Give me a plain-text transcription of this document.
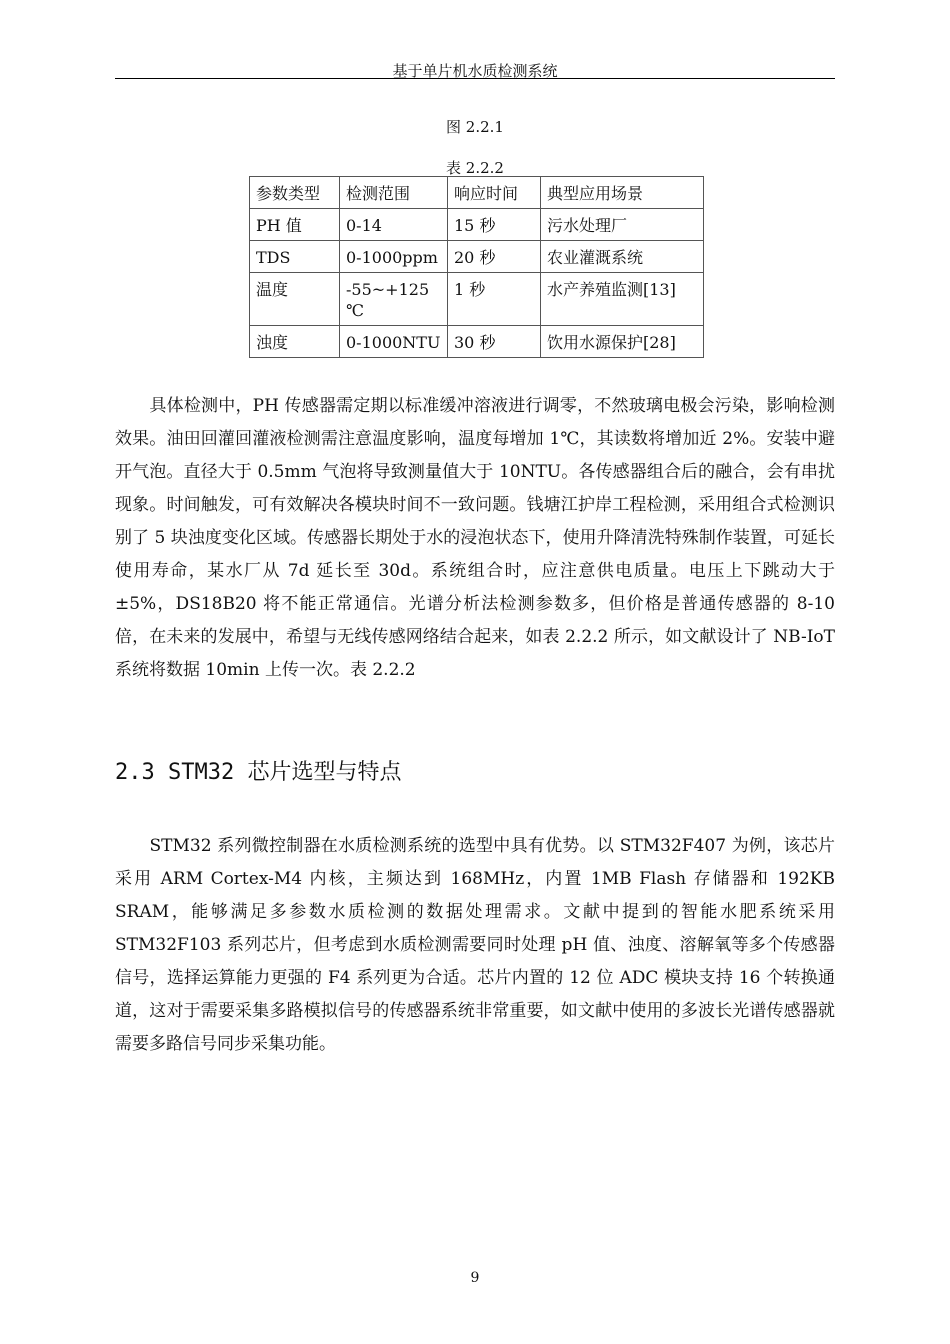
基于单片机水质检测系统
图 2.2.1
表 2.2.2
参数类型	检测范围	响应时间	典型应用场景
PH 值	0-14	15 秒	污水处理厂
TDS	0-1000ppm	20 秒	农业灌溉系统
温度	-55~+125 ℃	1 秒	水产养殖监测[13]
浊度	0-1000NTU	30 秒	饮用水源保护[28]
　　具体检测中，PH 传感器需定期以标准缓冲溶液进行调零，不然玻璃电极会污染，影响检测效果。油田回灌回灌液检测需注意温度影响，温度每增加 1℃，其读数将增加近 2%。安装中避开气泡。直径大于 0.5mm 气泡将导致测量值大于 10NTU。各传感器组合后的融合，会有串扰现象。时间触发，可有效解决各模块时间不一致问题。钱塘江护岸工程检测，采用组合式检测识别了 5 块浊度变化区域。传感器长期处于水的浸泡状态下，使用升降清洗特殊制作装置，可延长使用寿命，某水厂从 7d 延长至 30d。系统组合时，应注意供电质量。电压上下跳动大于±5%，DS18B20 将不能正常通信。光谱分析法检测参数多，但价格是普通传感器的 8-10 倍，在未来的发展中，希望与无线传感网络结合起来，如表 2.2.2 所示，如文献设计了 NB-IoT 系统将数据 10min 上传一次。表 2.2.2
2.3 STM32 芯片选型与特点
　　STM32 系列微控制器在水质检测系统的选型中具有优势。以 STM32F407 为例，该芯片采用 ARM Cortex-M4 内核，主频达到 168MHz，内置 1MB Flash 存储器和 192KB SRAM，能够满足多参数水质检测的数据处理需求。文献中提到的智能水肥系统采用 STM32F103 系列芯片，但考虑到水质检测需要同时处理 pH 值、浊度、溶解氧等多个传感器信号，选择运算能力更强的 F4 系列更为合适。芯片内置的 12 位 ADC 模块支持 16 个转换通道，这对于需要采集多路模拟信号的传感器系统非常重要，如文献中使用的多波长光谱传感器就需要多路信号同步采集功能。
9
